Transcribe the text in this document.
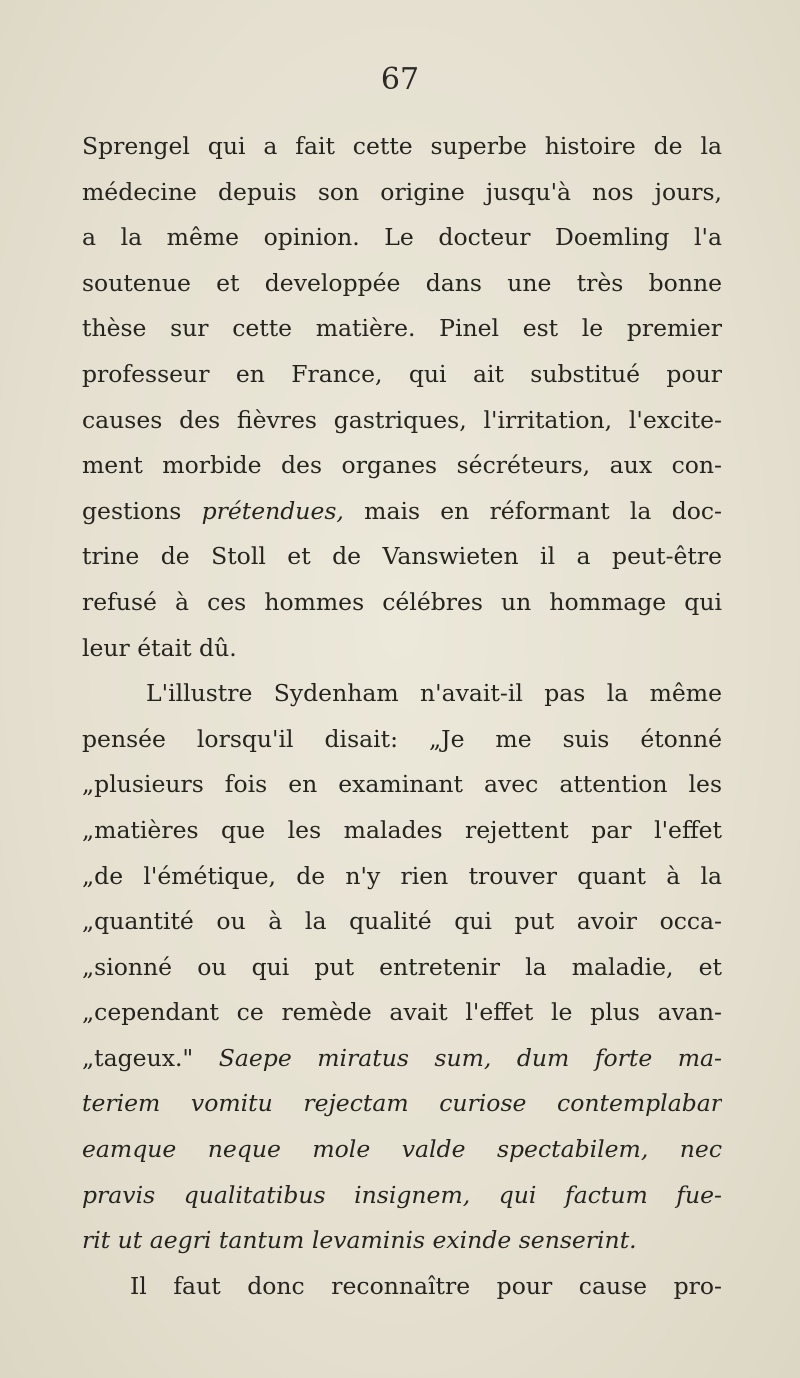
67
Sprengel qui a fait cette superbe histoire de la
médecine depuis son origine jusqu'à nos jours,
a la même opinion. Le docteur Doemling l'a
soutenue et developpée dans une très bonne
thèse sur cette matière. Pinel est le premier
professeur en France, qui ait substitué pour
causes des fièvres gastriques, l'irritation, l'excite-
ment morbide des organes sécréteurs, aux con-
gestions prétendues, mais en réformant la doc-
trine de Stoll et de Vanswieten il a peut-être
refusé à ces hommes célébres un hommage qui
leur était dû.
L'illustre Sydenham n'avait-il pas la même
pensée lorsqu'il disait: „Je me suis étonné
„plusieurs fois en examinant avec attention les
„matières que les malades rejettent par l'effet
„de l'émétique, de n'y rien trouver quant à la
„quantité ou à la qualité qui put avoir occa-
„sionné ou qui put entretenir la maladie, et
„cependant ce remède avait l'effet le plus avan-
„tageux." Saepe miratus sum, dum forte ma-
teriem vomitu rejectam curiose contemplabar
eamque neque mole valde spectabilem, nec
pravis qualitatibus insignem, qui factum fue-
rit ut aegri tantum levaminis exinde senserint.
Il faut donc reconnaître pour cause pro-
